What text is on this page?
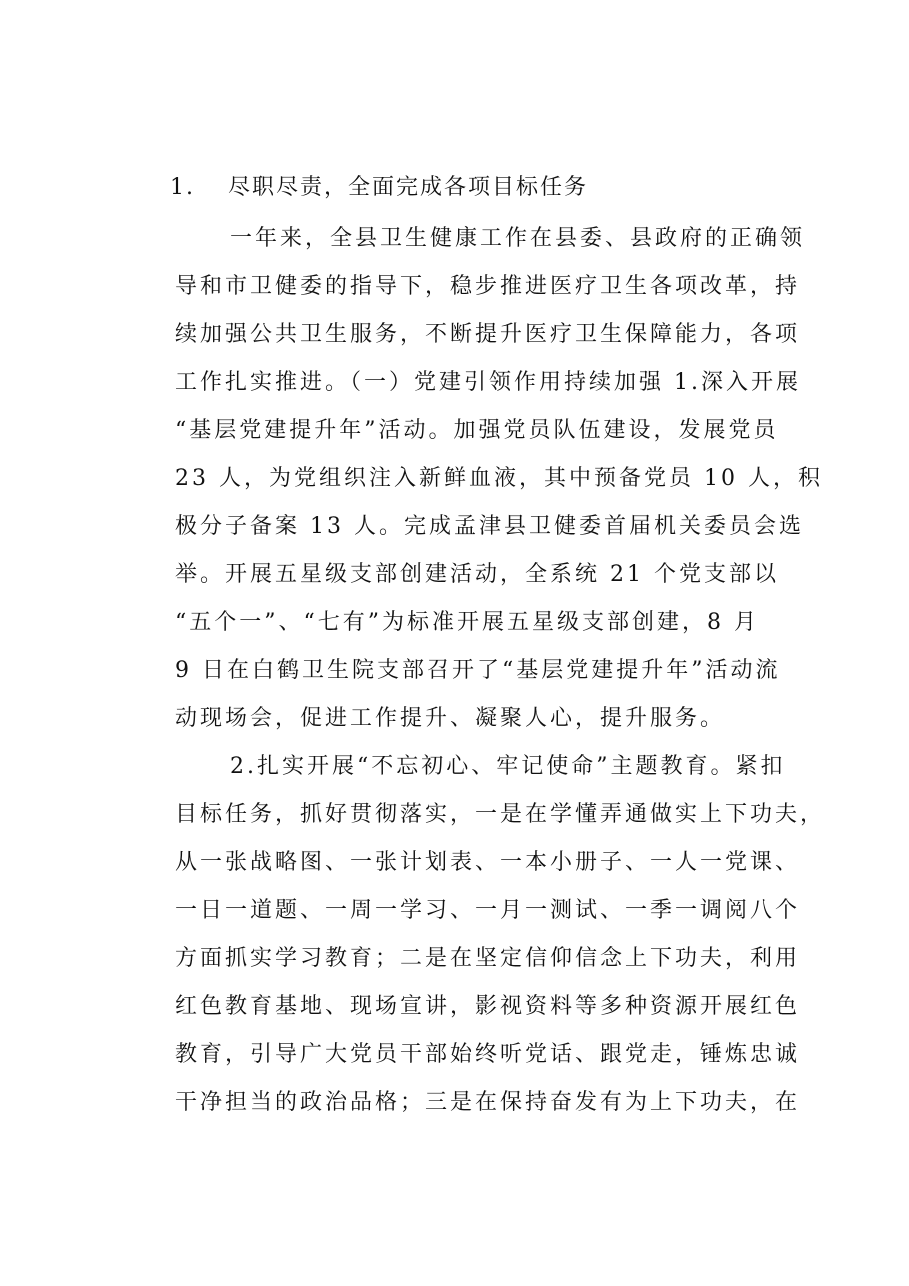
1. 尽职尽责，全面完成各项目标任务
一年来，全县卫生健康工作在县委、县政府的正确领
导和市卫健委的指导下，稳步推进医疗卫生各项改革，持
续加强公共卫生服务，不断提升医疗卫生保障能力，各项
工作扎实推进。（一）党建引领作用持续加强 1.深入开展
“基层党建提升年”活动。加强党员队伍建设，发展党员
23 人，为党组织注入新鲜血液，其中预备党员 10 人，积
极分子备案 13 人。完成孟津县卫健委首届机关委员会选
举。开展五星级支部创建活动，全系统 21 个党支部以
“五个一”、“七有”为标准开展五星级支部创建，8 月
9 日在白鹤卫生院支部召开了“基层党建提升年”活动流
动现场会，促进工作提升、凝聚人心，提升服务。
2.扎实开展“不忘初心、牢记使命”主题教育。紧扣
目标任务，抓好贯彻落实，一是在学懂弄通做实上下功夫，
从一张战略图、一张计划表、一本小册子、一人一党课、
一日一道题、一周一学习、一月一测试、一季一调阅八个
方面抓实学习教育；二是在坚定信仰信念上下功夫，利用
红色教育基地、现场宣讲，影视资料等多种资源开展红色
教育，引导广大党员干部始终听党话、跟党走，锤炼忠诚
干净担当的政治品格；三是在保持奋发有为上下功夫，在
